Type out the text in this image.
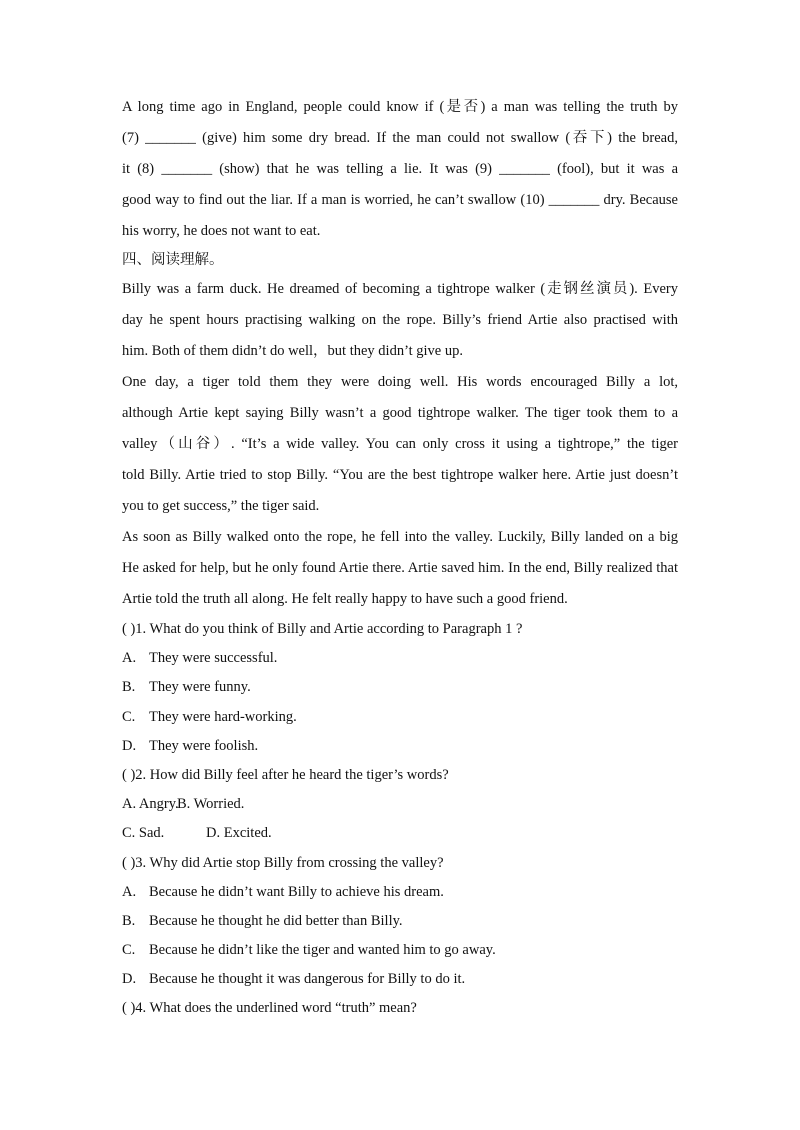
A long time ago in England, people could know if (是否) a man was telling the truth by
(7) _______ (give) him some dry bread. If the man could not swallow (吞下) the bread,
it (8) _______ (show) that he was telling a lie. It was (9) _______ (fool), but it was a
good way to find out the liar. If a man is worried, he can’t swallow (10) _______ dry. Because
his worry, he does not want to eat.
四、阅读理解。
Billy was a farm duck. He dreamed of becoming a tightrope walker (走钢丝演员). Every
day he spent hours practising walking on the rope. Billy’s friend Artie also practised with
him. Both of them didn’t do well，but they didn’t give up.
One day, a tiger told them they were doing well. His words encouraged Billy a lot,
although Artie kept saying Billy wasn’t a good tightrope walker. The tiger took them to a
valley（山谷）. “It’s a wide valley. You can only cross it using a tightrope,” the tiger
told Billy. Artie tried to stop Billy. “You are the best tightrope walker here. Artie just doesn’t
you to get success,” the tiger said.
As soon as Billy walked onto the rope, he fell into the valley. Luckily, Billy landed on a big
He asked for help, but he only found Artie there. Artie saved him. In the end, Billy realized that
Artie told the truth all along. He felt really happy to have such a good friend.
( )1. What do you think of Billy and Artie according to Paragraph 1 ?
A. They were successful.
B. They were funny.
C. They were hard-working.
D. They were foolish.
( )2. How did Billy feel after he heard the tiger’s words?
A. Angry.B. Worried.
C. Sad.	D. Excited.
( )3. Why did Artie stop Billy from crossing the valley?
A. Because he didn’t want Billy to achieve his dream.
B. Because he thought he did better than Billy.
C. Because he didn’t like the tiger and wanted him to go away.
D. Because he thought it was dangerous for Billy to do it.
( )4. What does the underlined word “truth” mean?
